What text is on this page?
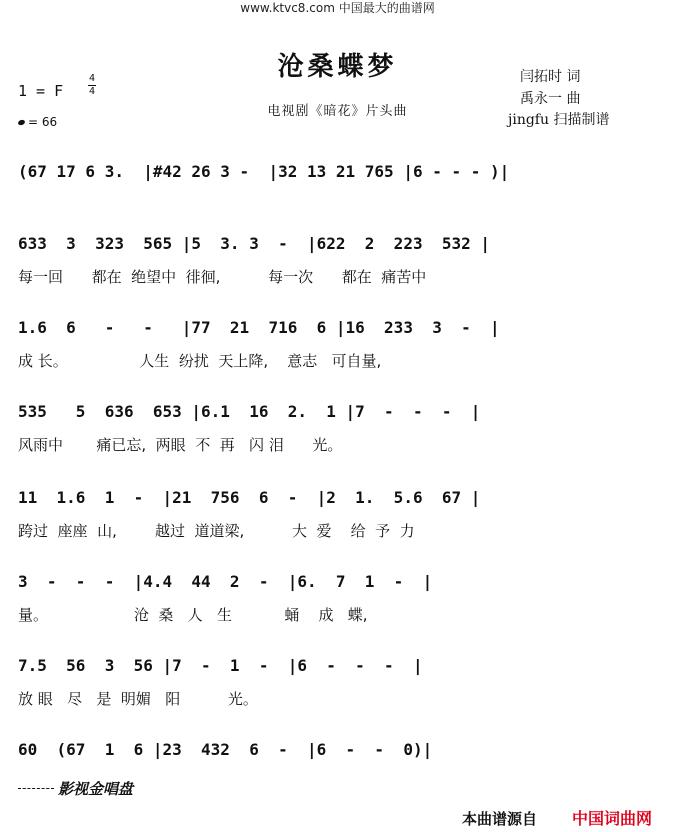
www.ktvc8.com 中国最大的曲谱网
沧桑蝶梦
电视剧《暗花》片头曲
闫拓时 词
禹永一 曲
jingfu 扫描制谱
1 = F
4
4
= 66
(67 17 6 3.  |#42 26 3 -  |32 13 21 765 |6 - - - )|
633  3  323  565 |5  3. 3  -  |622  2  223  532 |
每一回      都在  绝望中  徘徊,          每一次      都在  痛苦中
1.6  6   -   -   |77  21  716  6 |16  233  3  -  |
成 长。               人生  纷扰  天上降,    意志   可自量,
535   5  636  653 |6.1  16  2.  1 |7  -  -  -  |
风雨中       痛已忘,  两眼  不  再   闪 泪      光。
11  1.6  1  -  |21  756  6  -  |2  1.  5.6  67 |
跨过  座座  山,        越过  道道梁,          大  爱    给  予  力
3  -  -  -  |4.4  44  2  -  |6.  7  1  -  |
量。                  沧  桑   人   生           蛹    成   蝶,
7.5  56  3  56 |7  -  1  -  |6  -  -  -  |
放 眼   尽   是  明媚   阳          光。
60  (67  1  6 |23  432  6  -  |6  -  -  0)|
影视金唱盘
本曲谱源自 中国词曲网
